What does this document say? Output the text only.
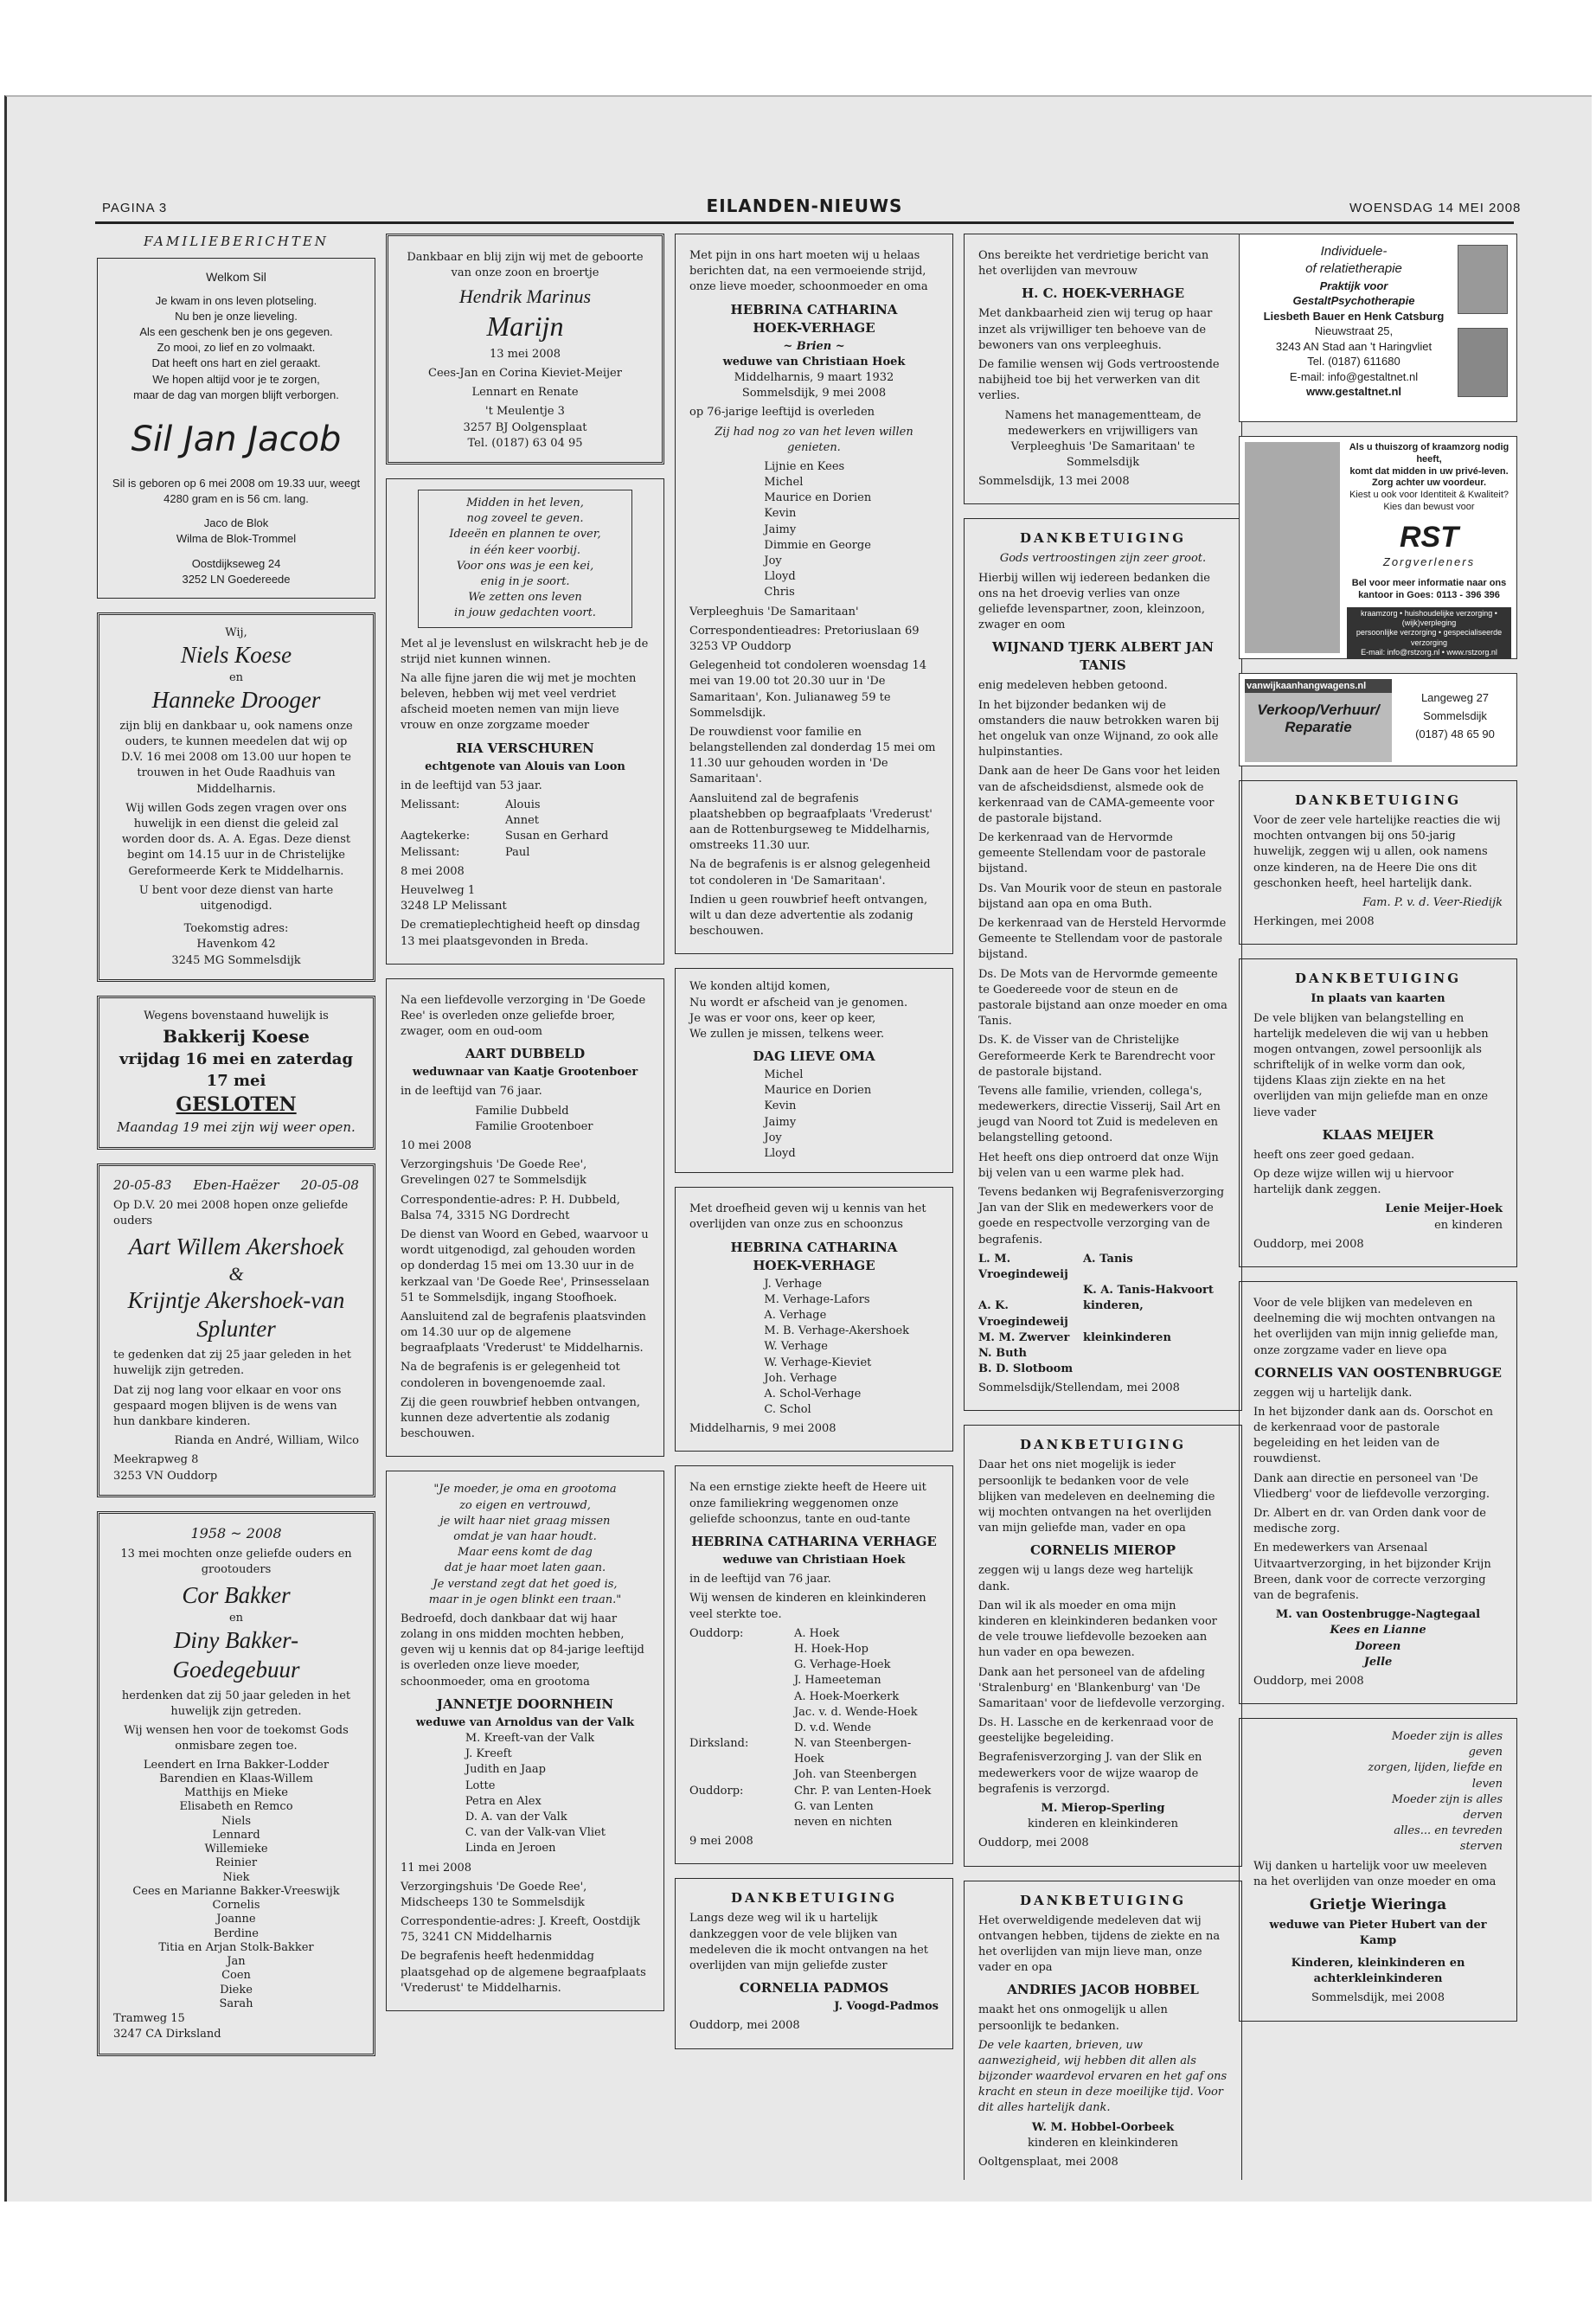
PAGINA 3	EILANDEN-NIEUWS	WOENSDAG 14 MEI 2008
FAMILIEBERICHTEN
Welkom Sil
Je kwam in ons leven plotseling.
Nu ben je onze lieveling.
Als een geschenk ben je ons gegeven.
Zo mooi, zo lief en zo volmaakt.
Dat heeft ons hart en ziel geraakt.
We hopen altijd voor je te zorgen,
maar de dag van morgen blijft verborgen.
Sil Jan Jacob
Sil is geboren op 6 mei 2008 om 19.33 uur, weegt 4280 gram en is 56 cm. lang.
Jaco de Blok
Wilma de Blok-Trommel
Oostdijkseweg 24
3252 LN Goedereede
Wij,
Niels Koese
en
Hanneke Drooger

zijn blij en dankbaar u, ook namens onze ouders, te kunnen meedelen dat wij op D.V. 16 mei 2008 om 13.00 uur hopen te trouwen in het Oude Raadhuis van Middelharnis.

Wij willen Gods zegen vragen over ons huwelijk in een dienst die geleid zal worden door ds. A. A. Egas. Deze dienst begint om 14.15 uur in de Christelijke Gereformeerde Kerk te Middelharnis.

U bent voor deze dienst van harte uitgenodigd.

Toekomstig adres:
Havenkom 42
3245 MG Sommelsdijk
Wegens bovenstaand huwelijk is
Bakkerij Koese
vrijdag 16 mei en zaterdag 17 mei
GESLOTEN
Maandag 19 mei zijn wij weer open.
20-05-83 Eben-Haëzer 20-05-08

Op D.V. 20 mei 2008 hopen onze geliefde ouders

Aart Willem Akershoek
&
Krijntje Akershoek-van Splunter

te gedenken dat zij 25 jaar geleden in het huwelijk zijn getreden.

Dat zij nog lang voor elkaar en voor ons gespaard mogen blijven is de wens van hun dankbare kinderen.

Rianda en André, William, Wilco

Meekrapweg 8
3253 VN Ouddorp
1958 ~ 2008

13 mei mochten onze geliefde ouders en grootouders

Cor Bakker
en
Diny Bakker-Goedegebuur

herdenken dat zij 50 jaar geleden in het huwelijk zijn getreden.

Wij wensen hen voor de toekomst Gods onmisbare zegen toe.

Leendert en Irna Bakker-Lodder
Barendien en Klaas-Willem
Matthijs en Mieke
Elisabeth en Remco
Niels
Lennard
Willemieke
Reinier
Niek
Cees en Marianne Bakker-Vreeswijk
Cornelis
Joanne
Berdine
Titia en Arjan Stolk-Bakker
Jan
Coen
Dieke
Sarah
Tramweg 15
3247 CA Dirksland

Dankbaar en blij zijn wij met de geboorte van onze zoon en broertje

Hendrik Marinus
Marijn

13 mei 2008

Cees-Jan en Corina Kieviet-Meijer

Lennart en Renate

't Meulentje 3
3257 BJ Oolgensplaat
Tel. (0187) 63 04 95
Midden in het leven,
nog zoveel te geven.
Ideeën en plannen te over,
in één keer voorbij.
Voor ons was je een kei,
enig in je soort.
We zetten ons leven
in jouw gedachten voort.

Met al je levenslust en wilskracht heb je de strijd niet kunnen winnen.

Na alle fijne jaren die wij met je mochten beleven, hebben wij met veel verdriet afscheid moeten nemen van mijn lieve vrouw en onze zorgzame moeder

RIA VERSCHUREN
echtgenote van Alouis van Loon

in de leeftijd van 53 jaar.

Melissant:	Alouis
Annet
Aagtekerke:	Susan en Gerhard
Melissant:	Paul

8 mei 2008

Heuvelweg 1
3248 LP Melissant

De crematieplechtigheid heeft op dinsdag 13 mei plaatsgevonden in Breda.

Na een liefdevolle verzorging in 'De Goede Ree' is overleden onze geliefde broer, zwager, oom en oud-oom

AART DUBBELD
weduwnaar van Kaatje Grootenboer

in de leeftijd van 76 jaar.

Familie Dubbeld
Familie Grootenboer

10 mei 2008

Verzorgingshuis 'De Goede Ree', Grevelingen 027 te Sommelsdijk

Correspondentie-adres: P. H. Dubbeld, Balsa 74, 3315 NG Dordrecht

De dienst van Woord en Gebed, waarvoor u wordt uitgenodigd, zal gehouden worden op donderdag 15 mei om 13.30 uur in de kerkzaal van 'De Goede Ree', Prinsesselaan 51 te Sommelsdijk, ingang Stoofhoek.

Aansluitend zal de begrafenis plaatsvinden om 14.30 uur op de algemene begraafplaats 'Vrederust' te Middelharnis.

Na de begrafenis is er gelegenheid tot condoleren in bovengenoemde zaal.

Zij die geen rouwbrief hebben ontvangen, kunnen deze advertentie als zodanig beschouwen.

"Je moeder, je oma en grootoma
zo eigen en vertrouwd,
je wilt haar niet graag missen
omdat je van haar houdt.
Maar eens komt de dag
dat je haar moet laten gaan.
Je verstand zegt dat het goed is,
maar in je ogen blinkt een traan."

Bedroefd, doch dankbaar dat wij haar zolang in ons midden mochten hebben, geven wij u kennis dat op 84-jarige leeftijd is overleden onze lieve moeder, schoonmoeder, oma en grootoma

JANNETJE DOORNHEIN
weduwe van Arnoldus van der Valk
M. Kreeft-van der Valk
J. Kreeft
Judith en Jaap
Lotte
Petra en Alex
D. A. van der Valk
C. van der Valk-van Vliet
Linda en Jeroen

11 mei 2008

Verzorgingshuis 'De Goede Ree', Midscheeps 130 te Sommelsdijk

Correspondentie-adres: J. Kreeft, Oostdijk 75, 3241 CN Middelharnis

De begrafenis heeft hedenmiddag plaatsgehad op de algemene begraafplaats 'Vrederust' te Middelharnis.

Met pijn in ons hart moeten wij u helaas berichten dat, na een vermoeiende strijd, onze lieve moeder, schoonmoeder en oma

HEBRINA CATHARINA
HOEK-VERHAGE
~ Brien ~
weduwe van Christiaan Hoek
Middelharnis, 9 maart 1932
Sommelsdijk, 9 mei 2008

op 76-jarige leeftijd is overleden

Zij had nog zo van het leven willen genieten.

Lijnie en Kees
Michel
Maurice en Dorien
Kevin
Jaimy
Dimmie en George
Joy
Lloyd
Chris

Verpleeghuis 'De Samaritaan'

Correspondentieadres: Pretoriuslaan 69 3253 VP Ouddorp

Gelegenheid tot condoleren woensdag 14 mei van 19.00 tot 20.30 uur in 'De Samaritaan', Kon. Julianaweg 59 te Sommelsdijk.

De rouwdienst voor familie en belangstellenden zal donderdag 15 mei om 11.30 uur gehouden worden in 'De Samaritaan'.

Aansluitend zal de begrafenis plaatshebben op begraafplaats 'Vrederust' aan de Rottenburgseweg te Middelharnis, omstreeks 11.30 uur.

Na de begrafenis is er alsnog gelegenheid tot condoleren in 'De Samaritaan'.

Indien u geen rouwbrief heeft ontvangen, wilt u dan deze advertentie als zodanig beschouwen.

We konden altijd komen,
Nu wordt er afscheid van je genomen.
Je was er voor ons, keer op keer,
We zullen je missen, telkens weer.
DAG LIEVE OMA
Michel
Maurice en Dorien
Kevin
Jaimy
Joy
Lloyd

Met droefheid geven wij u kennis van het overlijden van onze zus en schoonzus

HEBRINA CATHARINA
HOEK-VERHAGE
J. Verhage
M. Verhage-Lafors
A. Verhage
M. B. Verhage-Akershoek
W. Verhage
W. Verhage-Kieviet
Joh. Verhage
A. Schol-Verhage
C. Schol

Middelharnis, 9 mei 2008

Na een ernstige ziekte heeft de Heere uit onze familiekring weggenomen onze geliefde schoonzus, tante en oud-tante

HEBRINA CATHARINA VERHAGE
weduwe van Christiaan Hoek

in de leeftijd van 76 jaar.

Wij wensen de kinderen en kleinkinderen veel sterkte toe.

Ouddorp:	A. Hoek
H. Hoek-Hop
G. Verhage-Hoek
J. Hameeteman
A. Hoek-Moerkerk
Jac. v. d. Wende-Hoek
D. v.d. Wende
Dirksland:	N. van Steenbergen-Hoek
Joh. van Steenbergen
Ouddorp:	Chr. P. van Lenten-Hoek
G. van Lenten
neven en nichten

9 mei 2008

DANKBETUIGING

Langs deze weg wil ik u hartelijk dankzeggen voor de vele blijken van medeleven die ik mocht ontvangen na het overlijden van mijn geliefde zuster

CORNELIA PADMOS
J. Voogd-Padmos

Ouddorp, mei 2008

Ons bereikte het verdrietige bericht van het overlijden van mevrouw

H. C. HOEK-VERHAGE

Met dankbaarheid zien wij terug op haar inzet als vrijwilliger ten behoeve van de bewoners van ons verpleeghuis.

De familie wensen wij Gods vertroostende nabijheid toe bij het verwerken van dit verlies.

Namens het managementteam, de medewerkers en vrijwilligers van Verpleeghuis 'De Samaritaan' te Sommelsdijk

Sommelsdijk, 13 mei 2008

DANKBETUIGING
Gods vertroostingen zijn zeer groot.

Hierbij willen wij iedereen bedanken die ons na het droevig verlies van onze geliefde levenspartner, zoon, kleinzoon, zwager en oom

WIJNAND TJERK ALBERT JAN TANIS

enig medeleven hebben getoond.

In het bijzonder bedanken wij de omstanders die nauw betrokken waren bij het ongeluk van onze Wijnand, zo ook alle hulpinstanties.

Dank aan de heer De Gans voor het leiden van de afscheidsdienst, alsmede ook de kerkenraad van de CAMA-gemeente voor de pastorale bijstand.

De kerkenraad van de Hervormde gemeente Stellendam voor de pastorale bijstand.

Ds. Van Mourik voor de steun en pastorale bijstand aan opa en oma Buth.

De kerkenraad van de Hersteld Hervormde Gemeente te Stellendam voor de pastorale bijstand.

Ds. De Mots van de Hervormde gemeente te Goedereede voor de steun en de pastorale bijstand aan onze moeder en oma Tanis.

Ds. K. de Visser van de Christelijke Gereformeerde Kerk te Barendrecht voor de pastorale bijstand.

Tevens alle familie, vrienden, collega's, medewerkers, directie Visserij, Sail Art en jeugd van Noord tot Zuid is medeleven en belangstelling getoond.

Het heeft ons diep ontroerd dat onze Wijn bij velen van u een warme plek had.

Tevens bedanken wij Begrafenisverzorging Jan van der Slik en medewerkers voor de goede en respectvolle verzorging van de begrafenis.

L. M. Vroegindeweij
A. Tanis
K. A. Tanis-Hakvoort
A. K. Vroegindeweij
kinderen,
M. M. Zwerver	kleinkinderen
N. Buth
B. D. Slotboom

Sommelsdijk/Stellendam, mei 2008

DANKBETUIGING

Daar het ons niet mogelijk is ieder persoonlijk te bedanken voor de vele blijken van medeleven en deelneming die wij mochten ontvangen na het overlijden van mijn geliefde man, vader en opa

CORNELIS MIEROP

zeggen wij u langs deze weg hartelijk dank.

Dan wil ik als moeder en oma mijn kinderen en kleinkinderen bedanken voor de vele trouwe liefdevolle bezoeken aan hun vader en opa bewezen.

Dank aan het personeel van de afdeling 'Stralenburg' en 'Blankenburg' van 'De Samaritaan' voor de liefdevolle verzorging.

Ds. H. Lassche en de kerkenraad voor de geestelijke begeleiding.

Begrafenisverzorging J. van der Slik en medewerkers voor de wijze waarop de begrafenis is verzorgd.

M. Mierop-Sperling
kinderen en kleinkinderen

Ouddorp, mei 2008

DANKBETUIGING

Het overweldigende medeleven dat wij ontvangen hebben, tijdens de ziekte en na het overlijden van mijn lieve man, onze vader en opa

ANDRIES JACOB HOBBEL

maakt het ons onmogelijk u allen persoonlijk te bedanken.

De vele kaarten, brieven, uw aanwezigheid, wij hebben dit allen als bijzonder waardevol ervaren en het gaf ons kracht en steun in deze moeilijke tijd. Voor dit alles hartelijk dank.

W. M. Hobbel-Oorbeek
kinderen en kleinkinderen

Ooltgensplaat, mei 2008

Individuele-
of relatietherapie
Praktijk voor
GestaltPsychotherapie
Liesbeth Bauer en Henk Catsburg
Nieuwstraat 25,
3243 AN Stad aan 't Haringvliet
Tel. (0187) 611680
E-mail: info@gestaltnet.nl
www.gestaltnet.nl
Als u thuiszorg of kraamzorg nodig heeft,
komt dat midden in uw privé-leven.
Zorg achter uw voordeur.
Kiest u ook voor Identiteit & Kwaliteit?
Kies dan bewust voor
RST
Zorgverleners
Bel voor meer informatie naar ons
kantoor in Goes: 0113 - 396 396
kraamzorg • huishoudelijke verzorging • (wijk)verpleging
persoonlijke verzorging • gespecialiseerde verzorging
E-mail: info@rstzorg.nl • www.rstzorg.nl
vanwijkaanhangwagens.nl
Verkoop/Verhuur/
Reparatie
Langeweg 27
Sommelsdijk
(0187) 48 65 90
DANKBETUIGING

Voor de zeer vele hartelijke reacties die wij mochten ontvangen bij ons 50-jarig huwelijk, zeggen wij u allen, ook namens onze kinderen, na de Heere Die ons dit geschonken heeft, heel hartelijk dank.

Fam. P. v. d. Veer-Riedijk

Herkingen, mei 2008

DANKBETUIGING
In plaats van kaarten

De vele blijken van belangstelling en hartelijk medeleven die wij van u hebben mogen ontvangen, zowel persoonlijk als schriftelijk of in welke vorm dan ook, tijdens Klaas zijn ziekte en na het overlijden van mijn geliefde man en onze lieve vader

KLAAS MEIJER

heeft ons zeer goed gedaan.

Op deze wijze willen wij u hiervoor hartelijk dank zeggen.

Lenie Meijer-Hoek
en kinderen

Ouddorp, mei 2008

Voor de vele blijken van medeleven en deelneming die wij mochten ontvangen na het overlijden van mijn innig geliefde man, onze zorgzame vader en lieve opa

CORNELIS VAN OOSTENBRUGGE

zeggen wij u hartelijk dank.

In het bijzonder dank aan ds. Oorschot en de kerkenraad voor de pastorale begeleiding en het leiden van de rouwdienst.

Dank aan directie en personeel van 'De Vliedberg' voor de liefdevolle verzorging.

Dr. Albert en dr. van Orden dank voor de medische zorg.

En medewerkers van Arsenaal Uitvaartverzorging, in het bijzonder Krijn Breen, dank voor de correcte verzorging van de begrafenis.

M. van Oostenbrugge-Nagtegaal
Kees en Lianne
Doreen
Jelle

Ouddorp, mei 2008

Moeder zijn is alles
geven
zorgen, lijden, liefde en
leven
Moeder zijn is alles
derven
alles... en tevreden
sterven

Wij danken u hartelijk voor uw meeleven na het overlijden van onze moeder en oma

Grietje Wieringa
weduwe van Pieter Hubert van der Kamp
Kinderen, kleinkinderen en achterkleinkinderen

Sommelsdijk, mei 2008
